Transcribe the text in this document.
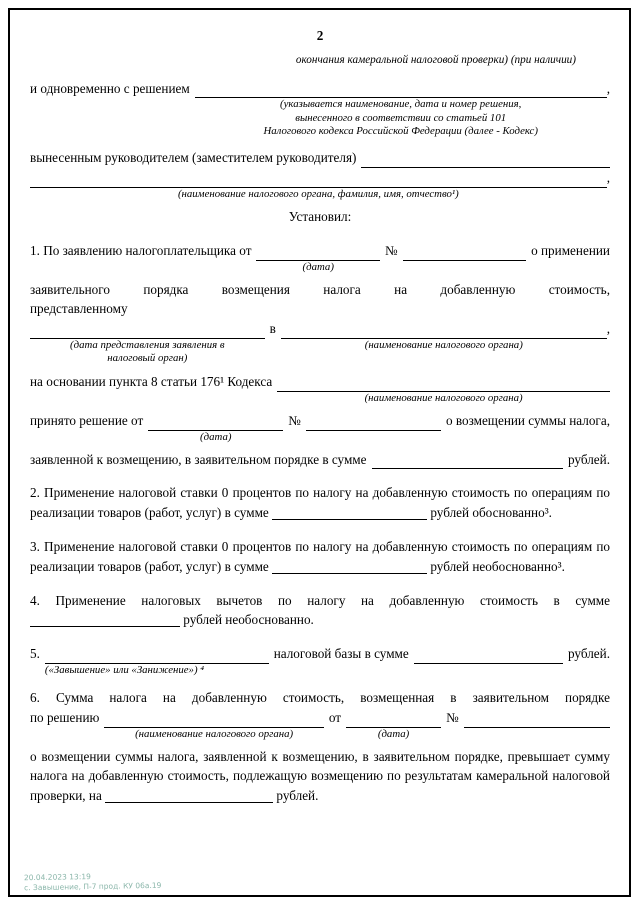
2
окончания камеральной налоговой проверки) (при наличии)
и одновременно с решением
(указывается наименование, дата и номер решения,
вынесенного в соответствии со статьей 101
Налогового кодекса Российской Федерации (далее - Кодекс)
,
вынесенным руководителем (заместителем руководителя)
(наименование налогового органа, фамилия, имя, отчество¹)
,
Установил:
1. По заявлению налогоплательщика от
(дата)
№	о применении
заявительного порядка возмещения налога на добавленную стоимость,
представленному
(дата представления заявления в
налоговый орган)
в
(наименование налогового органа)
,
на основании пункта 8 статьи 176¹ Кодекса
(наименование налогового органа)
принято решение от
(дата)
№	о возмещении суммы налога,
заявленной к возмещению, в заявительном порядке в сумме	рублей.
2. Применение налоговой ставки 0 процентов по налогу на добавленную стоимость по операциям по реализации товаров (работ, услуг) в сумме	рублей обоснованно³.
3. Применение налоговой ставки 0 процентов по налогу на добавленную стоимость по операциям по реализации товаров (работ, услуг) в сумме	рублей необоснованно³.
4. Применение налоговых вычетов по налогу на добавленную стоимость в сумме  рублей необоснованно.
5.
(«Завышение» или «Занижение») ⁴
налоговой базы в сумме	рублей.
6. Сумма налога на добавленную стоимость, возмещенная в заявительном порядке
по решению
(наименование налогового органа)
от
(дата)
№
о возмещении суммы налога, заявленной к возмещению, в заявительном порядке, превышает сумму налога на добавленную стоимость, подлежащую возмещению по результатам камеральной налоговой проверки, на	рублей.
20.04.2023 13:19
с. Завышение, П-7 прод. КУ 06а.19
